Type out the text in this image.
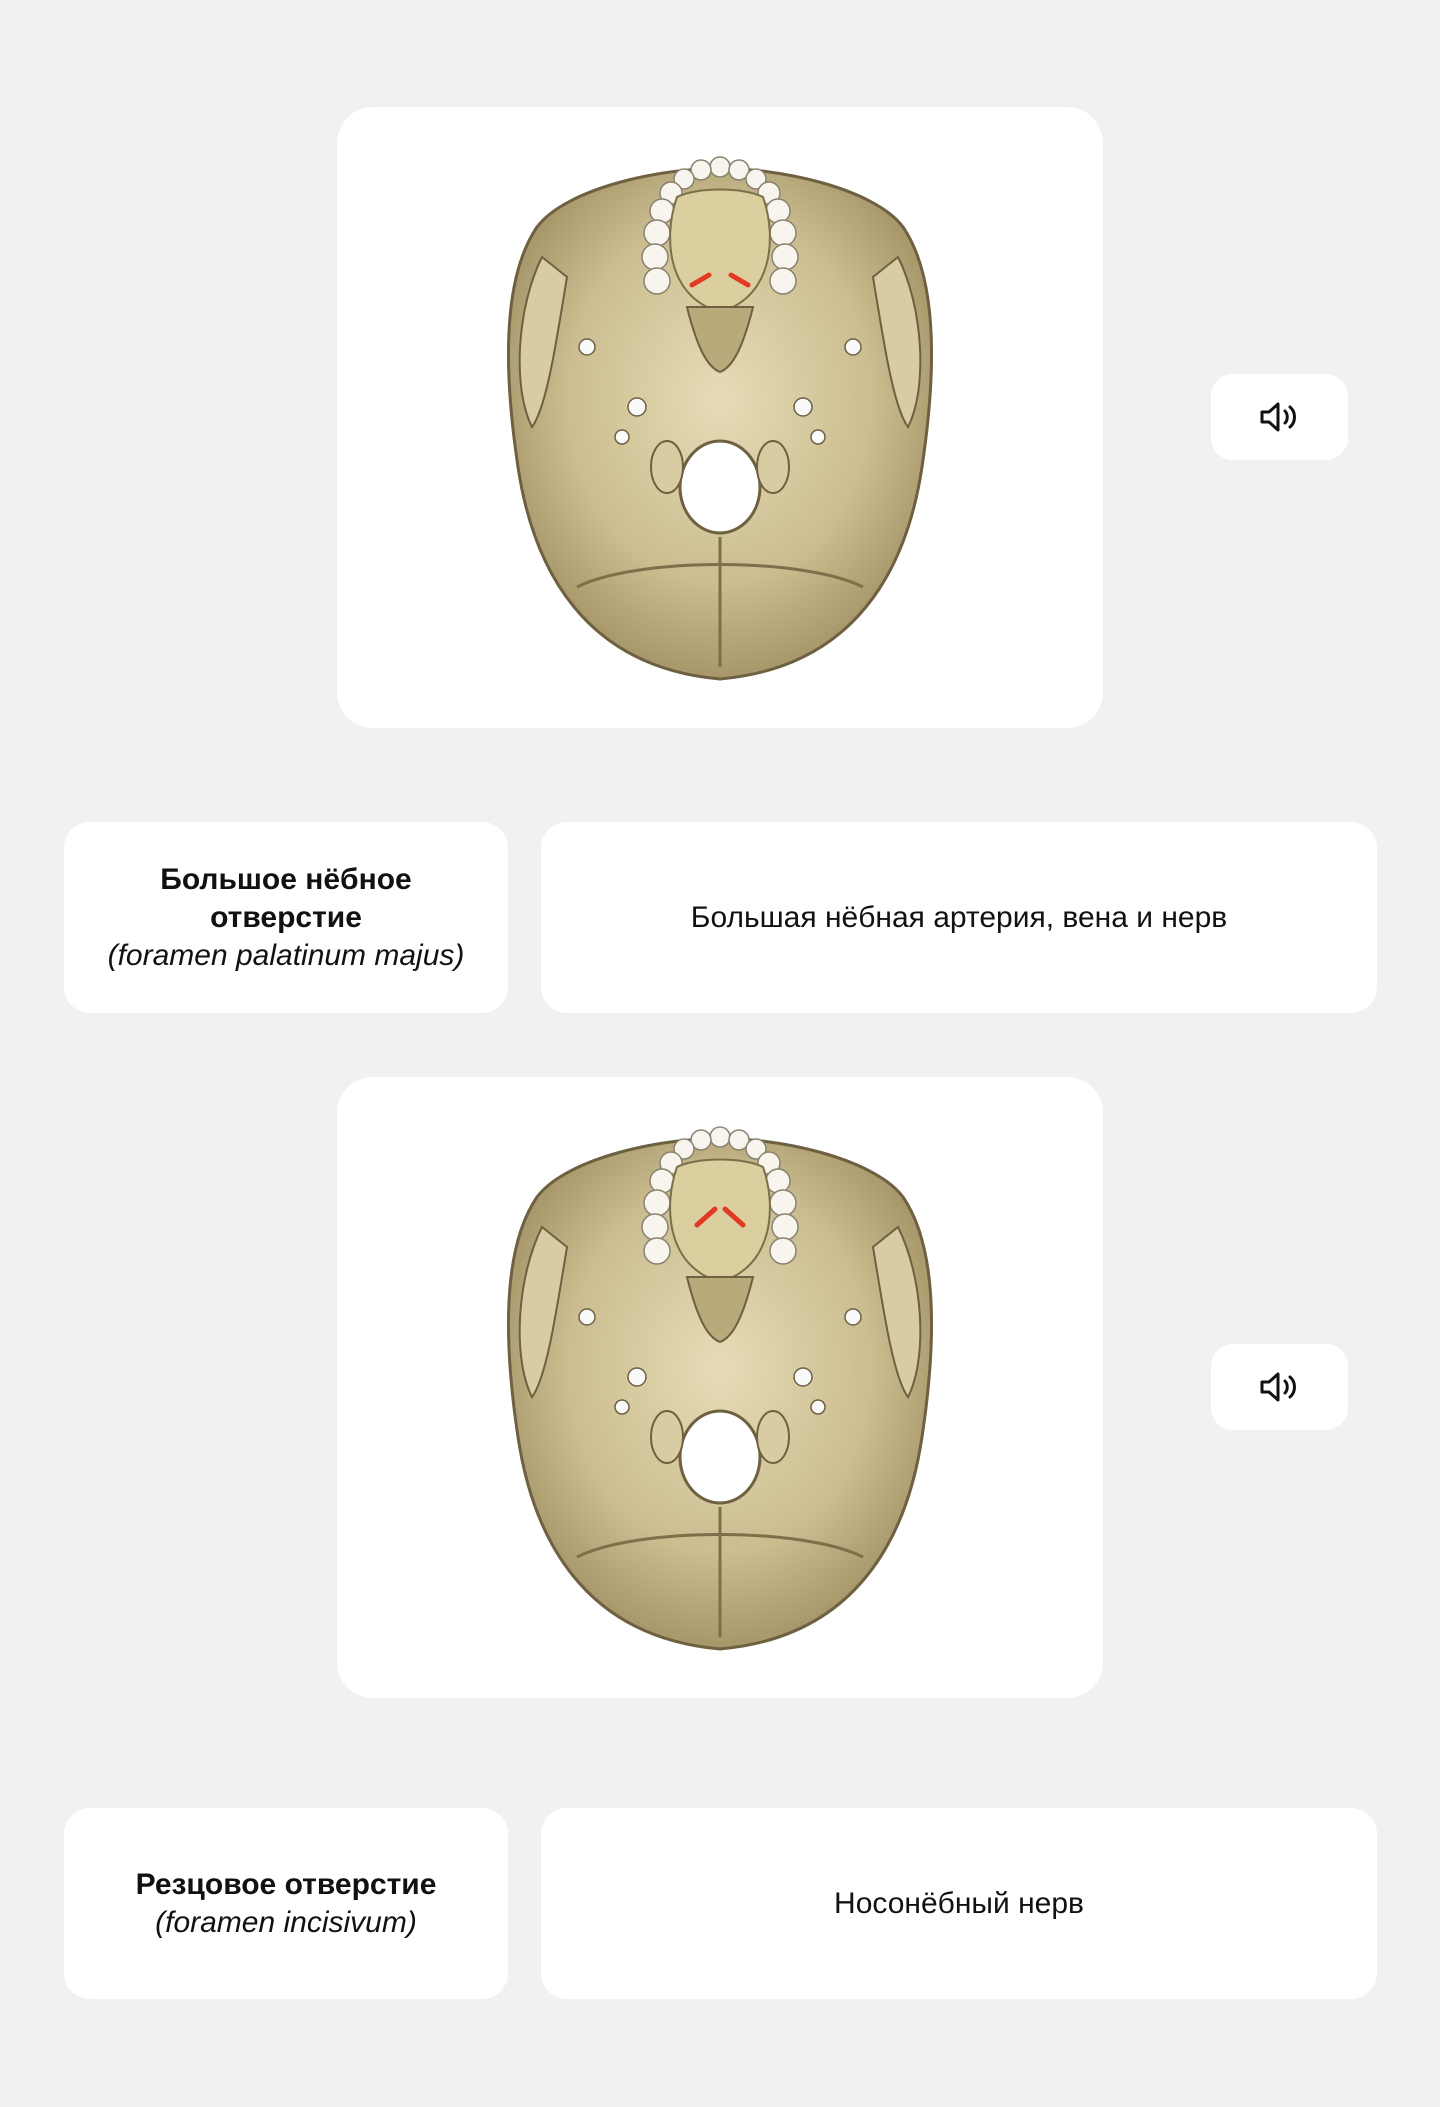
Большое нёбное отверстие
(foramen palatinum majus)
Большая нёбная артерия, вена и нерв
Резцовое отверстие
(foramen incisivum)
Носонёбный нерв
